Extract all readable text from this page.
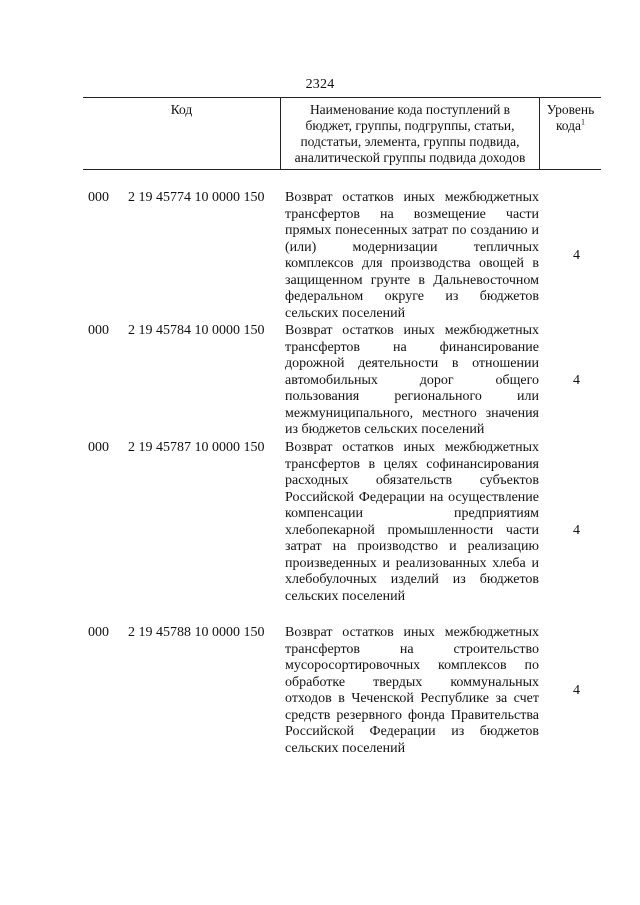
2324
Код	Наименование кода поступлений в
бюджет, группы, подгруппы, статьи,
подстатьи, элемента, группы подвида,
аналитической группы подвида доходов
Уровень
кода$^1$
000 2 19 45774 10 0000 150 Возврат остатков иных межбюджетных трансфертов на возмещение части прямых понесенных затрат по созданию и (или) модернизации тепличных комплексов для производства овощей в защищенном грунте в Дальневосточном федеральном округе из бюджетов сельских поселений
4
000 2 19 45784 10 0000 150 Возврат остатков иных межбюджетных трансфертов на финансирование дорожной деятельности в отношении автомобильных дорог общего пользования регионального или межмуниципального, местного значения из бюджетов сельских поселений
4
000 2 19 45787 10 0000 150 Возврат остатков иных межбюджетных трансфертов в целях софинансирования расходных обязательств субъектов Российской Федерации на осуществление компенсации предприятиям хлебопекарной промышленности части затрат на производство и реализацию произведенных и реализованных хлеба и хлебобулочных изделий из бюджетов сельских поселений
4
000 2 19 45788 10 0000 150 Возврат остатков иных межбюджетных трансфертов на строительство мусоросортировочных комплексов по обработке твердых коммунальных отходов в Чеченской Республике за счет средств резервного фонда Правительства Российской Федерации из бюджетов сельских поселений
4
